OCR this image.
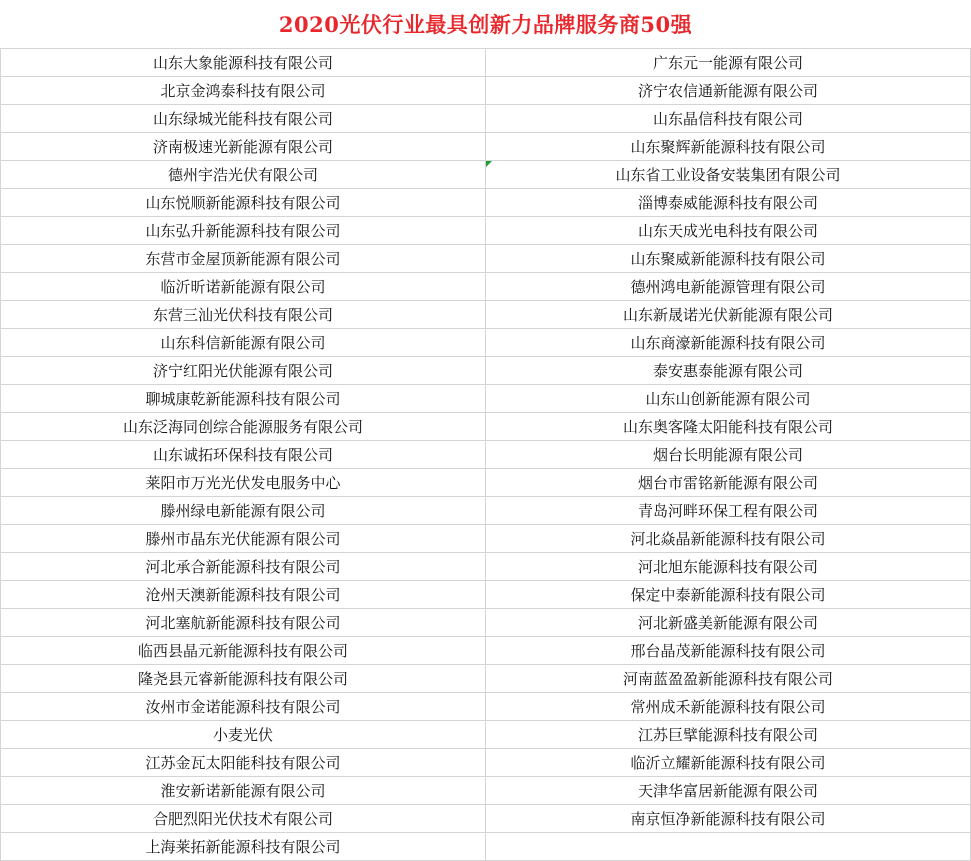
2020光伏行业最具创新力品牌服务商50强
山东大象能源科技有限公司	广东元一能源有限公司
北京金鸿泰科技有限公司	济宁农信通新能源有限公司
山东绿城光能科技有限公司	山东晶信科技有限公司
济南极速光新能源有限公司	山东聚辉新能源科技有限公司
德州宇浩光伏有限公司	山东省工业设备安装集团有限公司
山东悦顺新能源科技有限公司	淄博泰威能源科技有限公司
山东弘升新能源科技有限公司	山东天成光电科技有限公司
东营市金屋顶新能源有限公司	山东聚威新能源科技有限公司
临沂昕诺新能源有限公司	德州鸿电新能源管理有限公司
东营三汕光伏科技有限公司	山东新晟诺光伏新能源有限公司
山东科信新能源有限公司	山东商濠新能源科技有限公司
济宁红阳光伏能源有限公司	泰安惠泰能源有限公司
聊城康乾新能源科技有限公司	山东山创新能源有限公司
山东泛海同创综合能源服务有限公司	山东奥客隆太阳能科技有限公司
山东诚拓环保科技有限公司	烟台长明能源有限公司
莱阳市万光光伏发电服务中心	烟台市雷铭新能源有限公司
滕州绿电新能源有限公司	青岛河畔环保工程有限公司
滕州市晶东光伏能源有限公司	河北焱晶新能源科技有限公司
河北承合新能源科技有限公司	河北旭东能源科技有限公司
沧州天澳新能源科技有限公司	保定中泰新能源科技有限公司
河北塞航新能源科技有限公司	河北新盛美新能源有限公司
临西县晶元新能源科技有限公司	邢台晶茂新能源科技有限公司
隆尧县元睿新能源科技有限公司	河南蓝盈盈新能源科技有限公司
汝州市金诺能源科技有限公司	常州成禾新能源科技有限公司
小麦光伏	江苏巨擘能源科技有限公司
江苏金瓦太阳能科技有限公司	临沂立耀新能源科技有限公司
淮安新诺新能源有限公司	天津华富居新能源有限公司
合肥烈阳光伏技术有限公司	南京恒净新能源科技有限公司
上海莱拓新能源科技有限公司
